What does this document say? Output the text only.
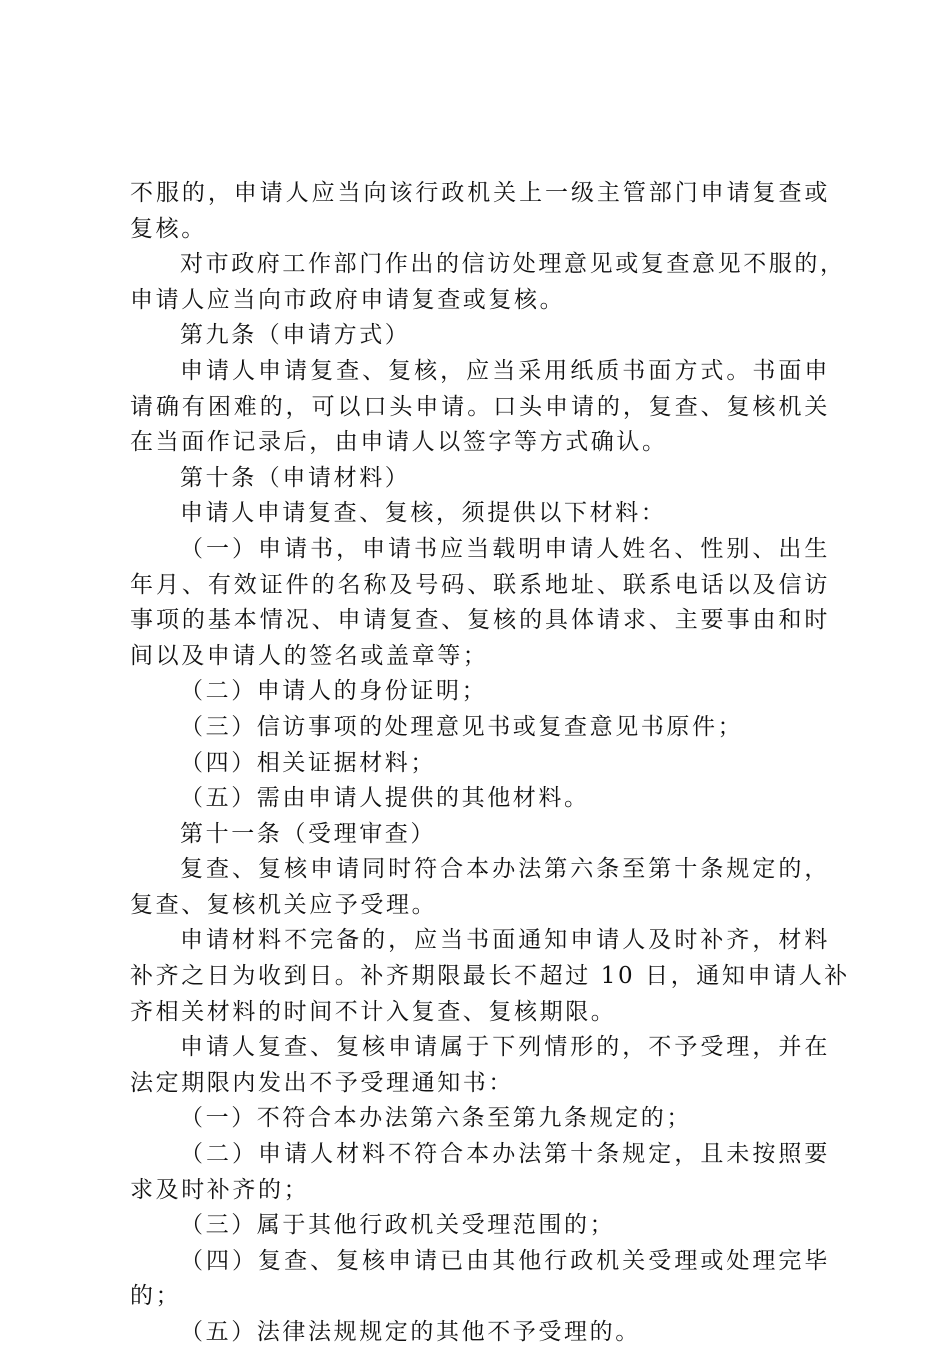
不服的，申请人应当向该行政机关上一级主管部门申请复查或
复核。
对市政府工作部门作出的信访处理意见或复查意见不服的，
申请人应当向市政府申请复查或复核。
第九条（申请方式）
申请人申请复查、复核，应当采用纸质书面方式。书面申
请确有困难的，可以口头申请。口头申请的，复查、复核机关
在当面作记录后，由申请人以签字等方式确认。
第十条（申请材料）
申请人申请复查、复核，须提供以下材料：
（一）申请书，申请书应当载明申请人姓名、性别、出生
年月、有效证件的名称及号码、联系地址、联系电话以及信访
事项的基本情况、申请复查、复核的具体请求、主要事由和时
间以及申请人的签名或盖章等；
（二）申请人的身份证明；
（三）信访事项的处理意见书或复查意见书原件；
（四）相关证据材料；
（五）需由申请人提供的其他材料。
第十一条（受理审查）
复查、复核申请同时符合本办法第六条至第十条规定的，
复查、复核机关应予受理。
申请材料不完备的，应当书面通知申请人及时补齐，材料
补齐之日为收到日。补齐期限最长不超过 10 日，通知申请人补
齐相关材料的时间不计入复查、复核期限。
申请人复查、复核申请属于下列情形的，不予受理，并在
法定期限内发出不予受理通知书：
（一）不符合本办法第六条至第九条规定的；
（二）申请人材料不符合本办法第十条规定，且未按照要
求及时补齐的；
（三）属于其他行政机关受理范围的；
（四）复查、复核申请已由其他行政机关受理或处理完毕
的；
（五）法律法规规定的其他不予受理的。
